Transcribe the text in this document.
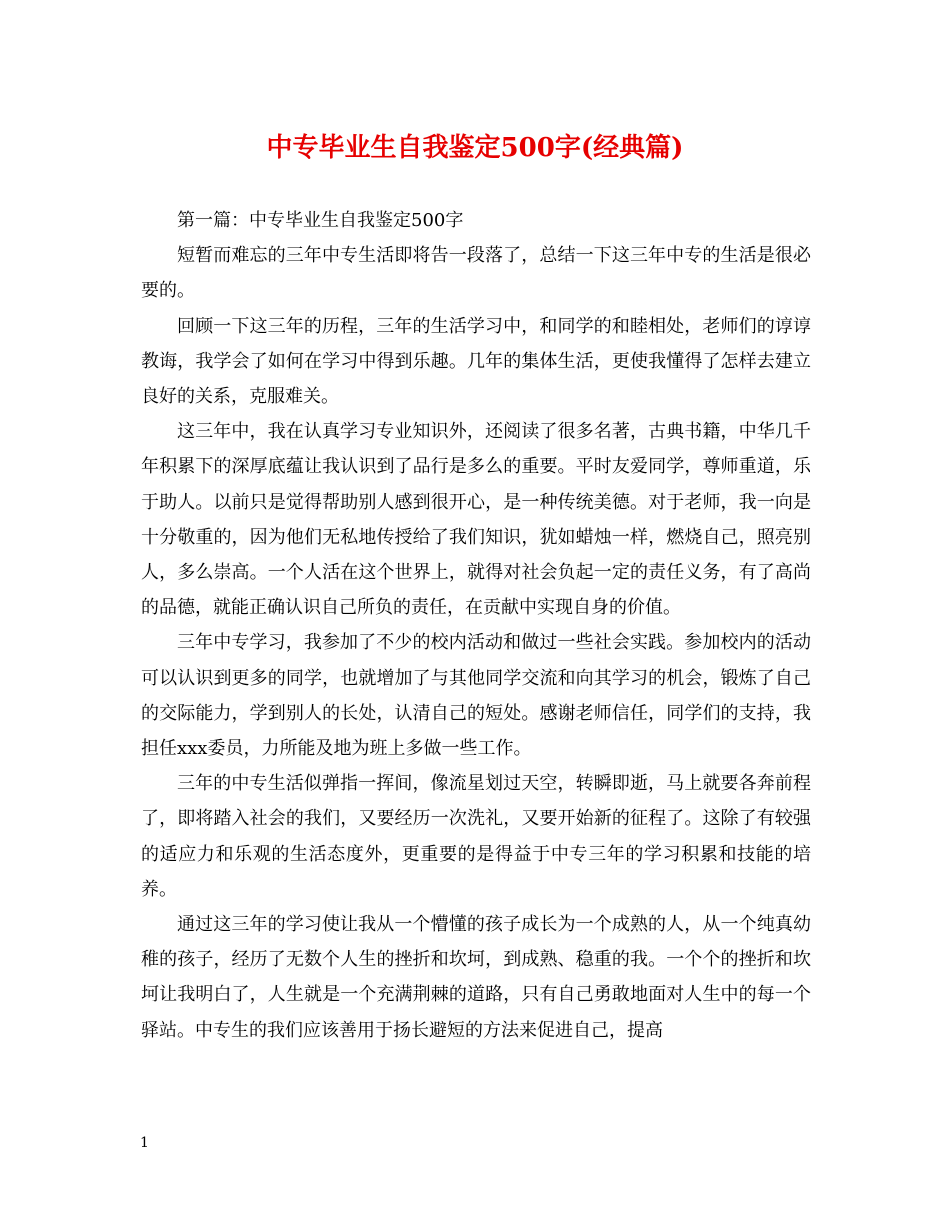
中专毕业生自我鉴定500字(经典篇)

第一篇：中专毕业生自我鉴定500字

短暂而难忘的三年中专生活即将告一段落了，总结一下这三年中专的生活是很必要的。

回顾一下这三年的历程，三年的生活学习中，和同学的和睦相处，老师们的谆谆教诲，我学会了如何在学习中得到乐趣。几年的集体生活，更使我懂得了怎样去建立良好的关系，克服难关。

这三年中，我在认真学习专业知识外，还阅读了很多名著，古典书籍，中华几千年积累下的深厚底蕴让我认识到了品行是多么的重要。平时友爱同学，尊师重道，乐于助人。以前只是觉得帮助别人感到很开心，是一种传统美德。对于老师，我一向是十分敬重的，因为他们无私地传授给了我们知识，犹如蜡烛一样，燃烧自己，照亮别人，多么崇高。一个人活在这个世界上，就得对社会负起一定的责任义务，有了高尚的品德，就能正确认识自己所负的责任，在贡献中实现自身的价值。

三年中专学习，我参加了不少的校内活动和做过一些社会实践。参加校内的活动可以认识到更多的同学，也就增加了与其他同学交流和向其学习的机会，锻炼了自己的交际能力，学到别人的长处，认清自己的短处。感谢老师信任，同学们的支持，我担任xxx委员，力所能及地为班上多做一些工作。

三年的中专生活似弹指一挥间，像流星划过天空，转瞬即逝，马上就要各奔前程了，即将踏入社会的我们，又要经历一次洗礼，又要开始新的征程了。这除了有较强的适应力和乐观的生活态度外，更重要的是得益于中专三年的学习积累和技能的培养。

通过这三年的学习使让我从一个懵懂的孩子成长为一个成熟的人，从一个纯真幼稚的孩子，经历了无数个人生的挫折和坎坷，到成熟、稳重的我。一个个的挫折和坎坷让我明白了，人生就是一个充满荆棘的道路，只有自己勇敢地面对人生中的每一个驿站。中专生的我们应该善用于扬长避短的方法来促进自己，提高

1
